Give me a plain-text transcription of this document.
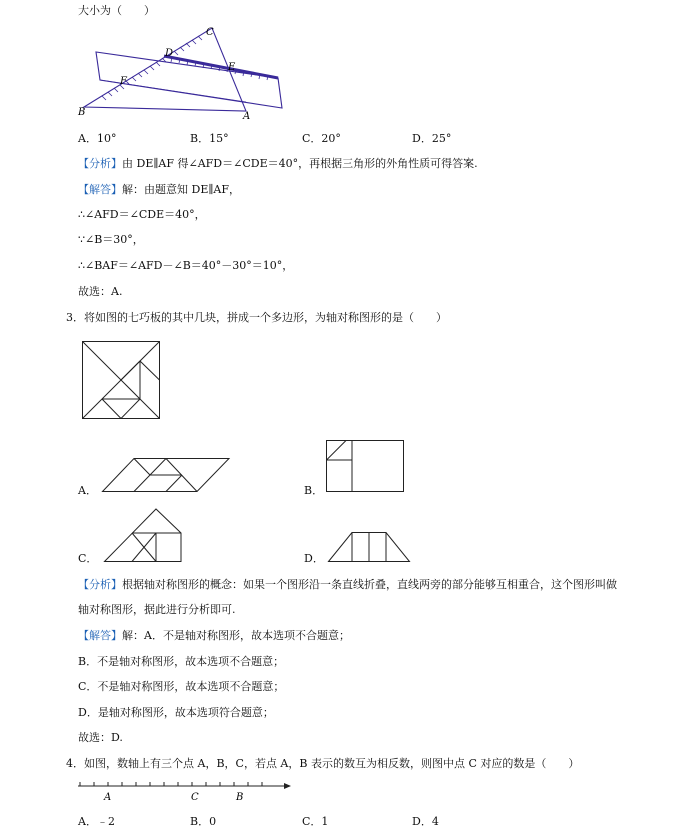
大小为（　　）
C
D
E
F
B	A
A．10°	B．15°	C．20°	D．25°
【分析】由 DE∥AF 得∠AFD＝∠CDE＝40°，再根据三角形的外角性质可得答案.
【解答】解：由题意知 DE∥AF，
∴∠AFD＝∠CDE＝40°，
∵∠B＝30°，
∴∠BAF＝∠AFD－∠B＝40°－30°＝10°，
故选：A.
3．将如图的七巧板的其中几块，拼成一个多边形，为轴对称图形的是（　　）
A．	B．
C．	D．
【分析】根据轴对称图形的概念：如果一个图形沿一条直线折叠，直线两旁的部分能够互相重合，这个图形叫做
轴对称图形，据此进行分析即可.
【解答】解：A．不是轴对称图形，故本选项不合题意；
B．不是轴对称图形，故本选项不合题意；
C．不是轴对称图形，故本选项不合题意；
D．是轴对称图形，故本选项符合题意；
故选：D.
4．如图，数轴上有三个点 A，B，C，若点 A，B 表示的数互为相反数，则图中点 C 对应的数是（　　）
A	C	B
A．﹣2	B．0	C．1	D．4
